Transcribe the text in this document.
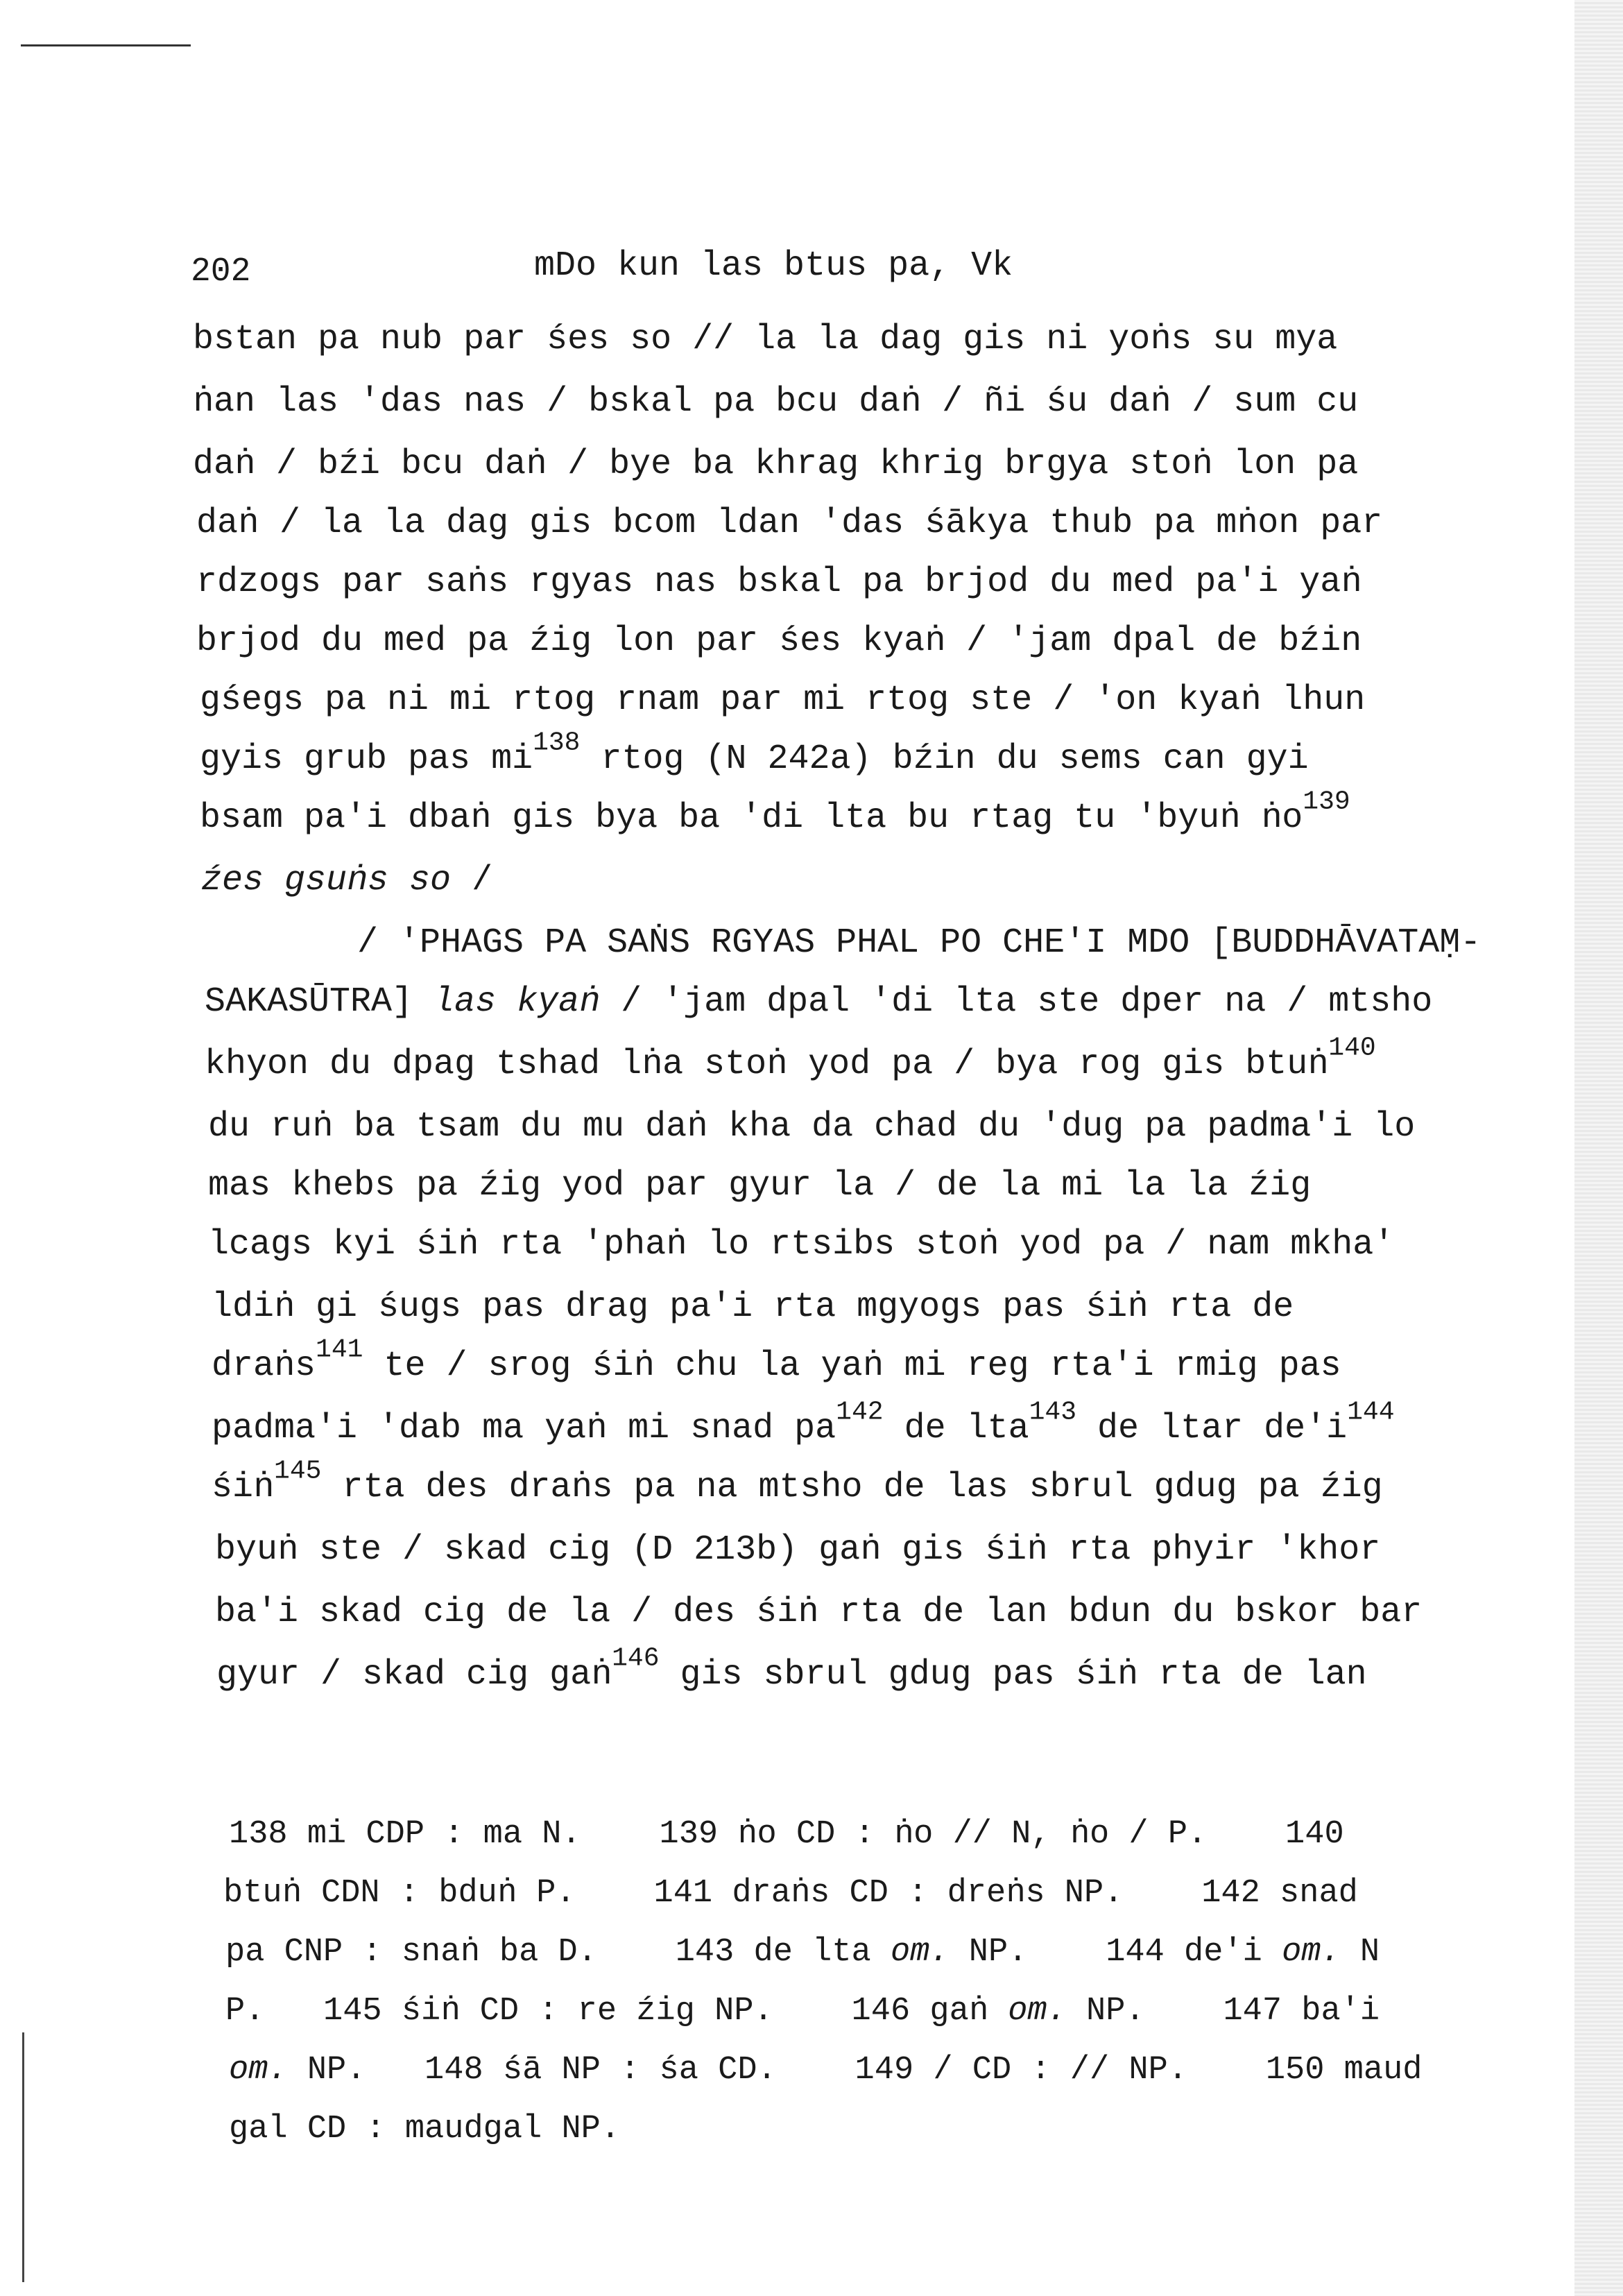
202	mDo kun las btus pa, Vk
bstan pa nub par śes so // la la dag gis ni yoṅs su mya
ṅan las 'das nas / bskal pa bcu daṅ / ñi śu daṅ / sum cu
daṅ / bźi bcu daṅ / bye ba khrag khrig brgya stoṅ lon pa
daṅ / la la dag gis bcom ldan 'das śākya thub pa mṅon par
rdzogs par saṅs rgyas nas bskal pa brjod du med pa'i yaṅ
brjod du med pa źig lon par śes kyaṅ / 'jam dpal de bźin
gśegs pa ni mi rtog rnam par mi rtog ste / 'on kyaṅ lhun
gyis grub pas $mi^{138}$ rtog (N 242a) bźin du sems can gyi
bsam pa'i dbaṅ gis bya ba 'di lta bu rtag tu 'byuṅ ṅo$^{139}$
źes gsuṅs so /
/ 'PHAGS PA SAṄS RGYAS PHAL PO CHE'I MDO [BUDDHĀVATAṂ-
SAKASŪTRA] las kyaṅ / 'jam dpal 'di lta ste dper na / mtsho
khyon du dpag tshad lṅa stoṅ yod pa / bya rog gis btuṅ$^{140}$
du ruṅ ba tsam du mu daṅ kha da chad du 'dug pa padma'i lo
mas khebs pa źig yod par gyur la / de la mi la la źig
lcags kyi śiṅ rta 'phaṅ lo rtsibs stoṅ yod pa / nam mkha'
ldiṅ gi śugs pas drag pa'i rta mgyogs pas śiṅ rta de
draṅs$^{141}$ te / srog śiṅ chu la yaṅ mi reg rta'i rmig pas
padma'i 'dab ma yaṅ mi snad $pa^{142}$ de lta$^{143}$ de ltar $de'i^{144}$
śiṅ$^{145}$ rta des draṅs pa na mtsho de las sbrul gdug pa źig
byuṅ ste / skad cig (D 213b) gaṅ gis śiṅ rta phyir 'khor
ba'i skad cig de la / des śiṅ rta de lan bdun du bskor bar
gyur / skad cig gaṅ$^{146}$ gis sbrul gdug pas śiṅ rta de lan
138 mi CDP : ma N.    139 ṅo CD : ṅo // N, ṅo / P.    140
btuṅ CDN : bduṅ P.    141 draṅs CD : dreṅs NP.    142 snad
pa CNP : snaṅ ba D.    143 de lta om. NP.    144 de'i om. N
P.   145 śiṅ CD : re źig NP.    146 gaṅ om. NP.    147 ba'i
om. NP.   148 śā NP : śa CD.    149 / CD : // NP.    150 maud
gal CD : maudgal NP.
